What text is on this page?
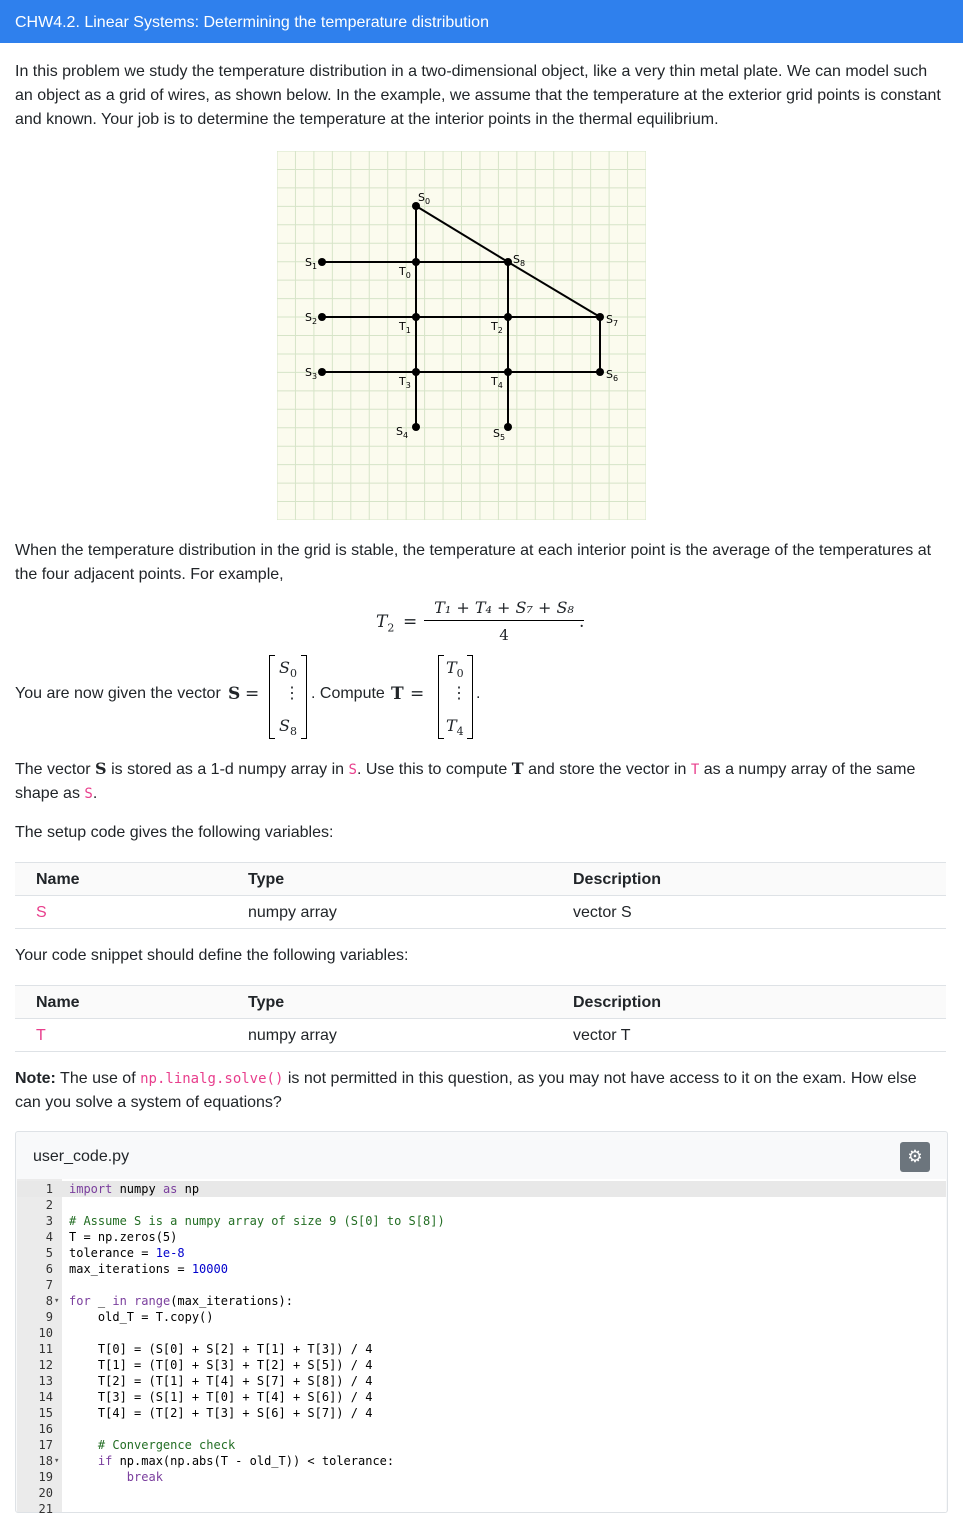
CHW4.2. Linear Systems: Determining the temperature distribution
In this problem we study the temperature distribution in a two-dimensional object, like a very thin metal plate. We can model such an object as a grid of wires, as shown below. In the example, we assume that the temperature at the exterior grid points is constant and known. Your job is to determine the temperature at the interior points in the thermal equilibrium.
$S_0$
$S_1$
$S_2$
$S_3$
$S_4$	$S_5$
$S_6$
$S_7$
$S_8$
$T_0$
$T_1$	$T_2$
$T_3$	$T_4$
When the temperature distribution in the grid is stable, the temperature at each interior point is the average of the temperatures at the four adjacent points. For example,
$T_2$ =
T₁ + T₄ + S₇ + S₈
4
.
You are now given the vector S =
$S_0$
⋮
$S_8$
. Compute T =
$T_0$
⋮
$T_4$
.
The vector S is stored as a 1-d numpy array in S. Use this to compute T and store the vector in T as a numpy array of the same shape as S.
The setup code gives the following variables:
Name	Type	Description
S	numpy array	vector S
Your code snippet should define the following variables:
Name	Type	Description
T	numpy array	vector T
Note: The use of np.linalg.solve() is not permitted in this question, as you may not have access to it on the exam. How else can you solve a system of equations?
user_code.py	⚙
1 import numpy as np
2
3 # Assume S is a numpy array of size 9 (S[0] to S[8])
4 T = np.zeros(5)
5 tolerance = 1e-8
6 max_iterations = 10000
7
8 ▾ for _ in range(max_iterations):
9 old_T = T.copy()
10
11 T[0] = (S[0] + S[2] + T[1] + T[3]) / 4
12 T[1] = (T[0] + S[3] + T[2] + S[5]) / 4
13 T[2] = (T[1] + T[4] + S[7] + S[8]) / 4
14 T[3] = (S[1] + T[0] + T[4] + S[6]) / 4
15 T[4] = (T[2] + T[3] + S[6] + S[7]) / 4
16
17	# Convergence check
18 ▾	if np.max(np.abs(T - old_T)) < tolerance:
19	break
20
21
